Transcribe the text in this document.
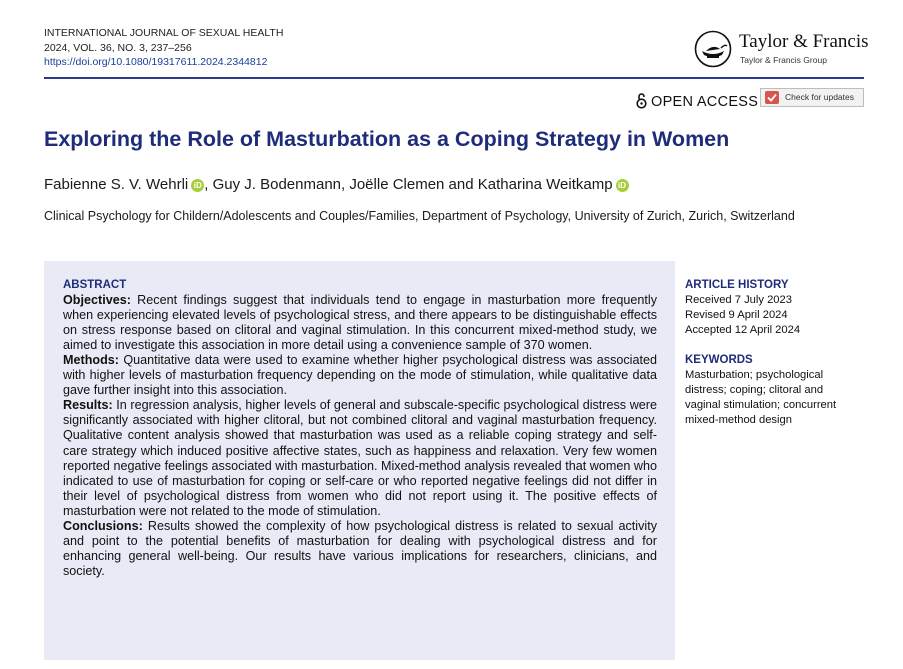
INTERNATIONAL JOURNAL OF SEXUAL HEALTH
2024, VOL. 36, NO. 3, 237–256
https://doi.org/10.1080/19317611.2024.2344812
Taylor & Francis
Taylor & Francis Group
OPEN ACCESS	Check for updates
Exploring the Role of Masturbation as a Coping Strategy in Women
Fabienne S. V. Wehrli iD , Guy J. Bodenmann, Joëlle Clemen and Katharina Weitkamp iD
Clinical Psychology for Childern/Adolescents and Couples/Families, Department of Psychology, University of Zurich, Zurich, Switzerland
ABSTRACT

Objectives: Recent findings suggest that individuals tend to engage in masturbation more frequently when experiencing elevated levels of psychological stress, and there appears to be distinguishable effects on stress response based on clitoral and vaginal stimulation. In this concurrent mixed-method study, we aimed to investigate this association in more detail using a convenience sample of 370 women.

Methods: Quantitative data were used to examine whether higher psychological distress was associated with higher levels of masturbation frequency depending on the mode of stimulation, while qualitative data gave further insight into this association.

Results: In regression analysis, higher levels of general and subscale-specific psychological distress were significantly associated with higher clitoral, but not combined clitoral and vaginal masturbation frequency. Qualitative content analysis showed that masturbation was used as a reliable coping strategy and self-care strategy which induced positive affective states, such as happiness and relaxation. Very few women reported negative feelings associated with masturbation. Mixed-method analysis revealed that women who indicated to use of masturbation for coping or self-care or who reported negative feelings did not differ in their level of psychological distress from women who did not report using it. The positive effects of masturbation were not related to the mode of stimulation.

Conclusions: Results showed the complexity of how psychological distress is related to sexual activity and point to the potential benefits of masturbation for dealing with psychological distress and for enhancing general well-being. Our results have various implications for researchers, clinicians, and society.

ARTICLE HISTORY
Received 7 July 2023
Revised 9 April 2024
Accepted 12 April 2024
KEYWORDS
Masturbation; psychological distress; coping; clitoral and vaginal stimulation; concurrent mixed-method design
